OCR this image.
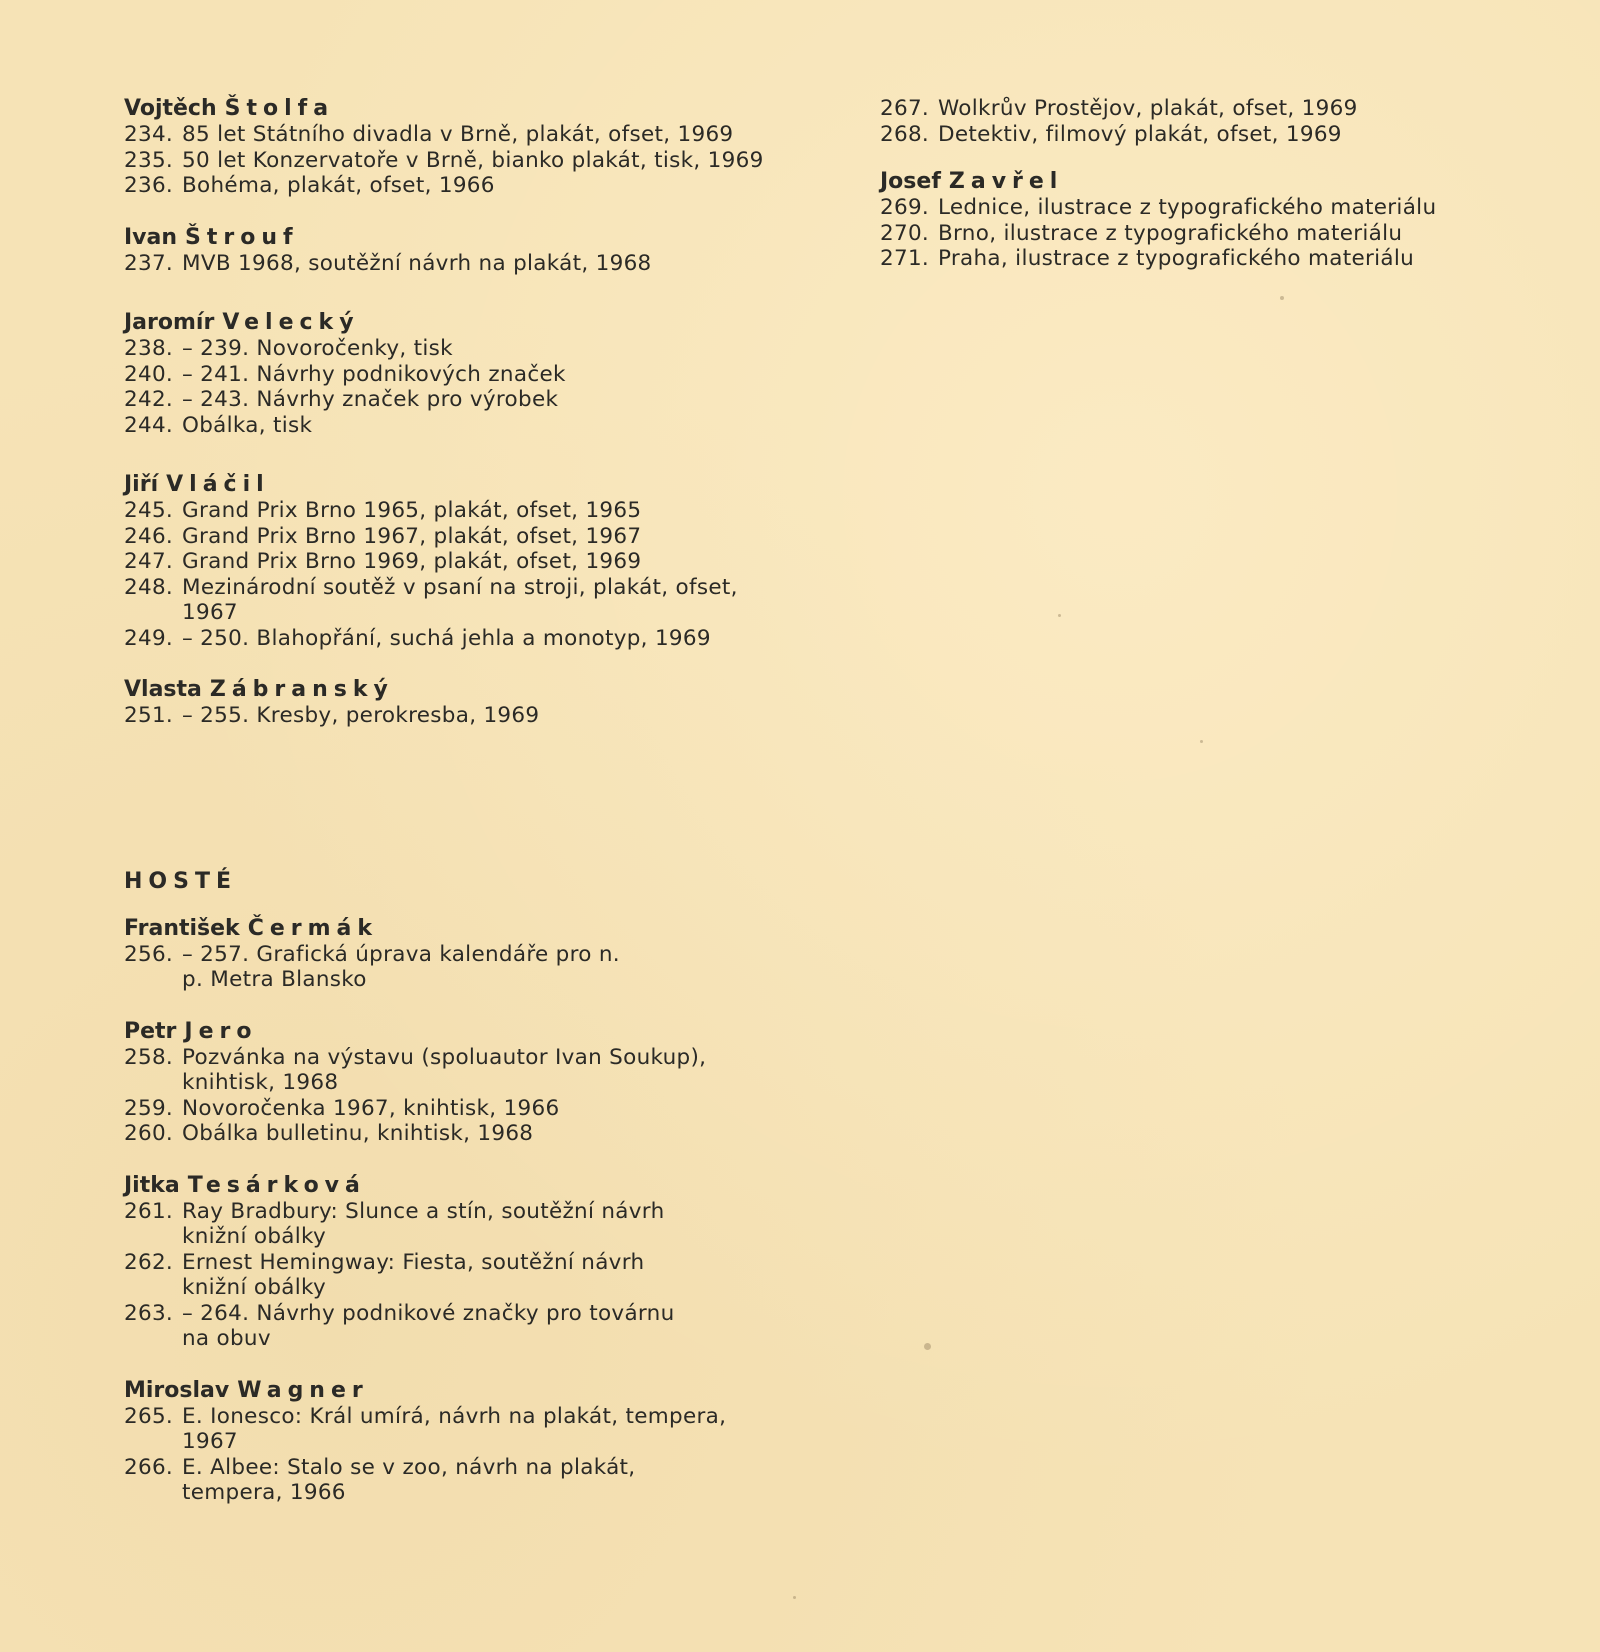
Vojtěch Štolfa

234. 85 let Státního divadla v Brně, plakát, ofset, 1969
235. 50 let Konzervatoře v Brně, bianko plakát, tisk, 1969
236. Bohéma, plakát, ofset, 1966

Ivan Štrouf

237. MVB 1968, soutěžní návrh na plakát, 1968

Jaromír Velecký

238. – 239. Novoročenky, tisk
240. – 241. Návrhy podnikových značek
242. – 243. Návrhy značek pro výrobek
244. Obálka, tisk

Jiří Vláčil

245. Grand Prix Brno 1965, plakát, ofset, 1965
246. Grand Prix Brno 1967, plakát, ofset, 1967
247. Grand Prix Brno 1969, plakát, ofset, 1969
248. Mezinárodní soutěž v psaní na stroji, plakát, ofset, 1967
249. – 250. Blahopřání, suchá jehla a monotyp, 1969

Vlasta Zábranský

251. – 255. Kresby, perokresba, 1969

HOSTÉ

František Čermák

256. – 257. Grafická úprava kalendáře pro n. p. Metra Blansko

Petr Jero

258. Pozvánka na výstavu (spoluautor Ivan Soukup), knihtisk, 1968
259. Novoročenka 1967, knihtisk, 1966
260. Obálka bulletinu, knihtisk, 1968

Jitka Tesárková

261. Ray Bradbury: Slunce a stín, soutěžní návrh knižní obálky
262. Ernest Hemingway: Fiesta, soutěžní návrh knižní obálky
263. – 264. Návrhy podnikové značky pro továrnu na obuv

Miroslav Wagner

265. E. Ionesco: Král umírá, návrh na plakát, tempera, 1967
266. E. Albee: Stalo se v zoo, návrh na plakát, tempera, 1966
267. Wolkrův Prostějov, plakát, ofset, 1969
268. Detektiv, filmový plakát, ofset, 1969

Josef Zavřel

269. Lednice, ilustrace z typografického materiálu
270. Brno, ilustrace z typografického materiálu
271. Praha, ilustrace z typografického materiálu
